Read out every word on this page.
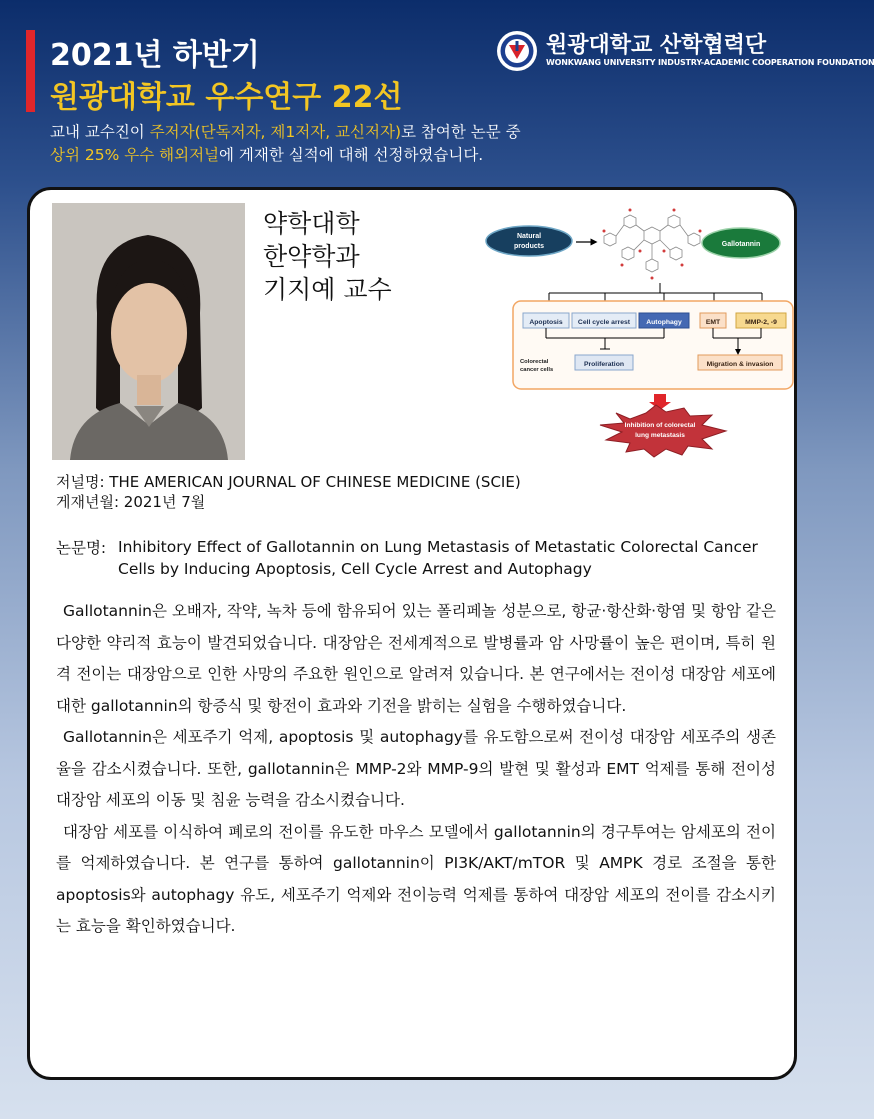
2021년 하반기
원광대학교 우수연구 22선
원광대학교 산학협력단
WONKWANG UNIVERSITY INDUSTRY-ACADEMIC COOPERATION FOUNDATION
교내 교수진이 주저자(단독저자, 제1저자, 교신저자)로 참여한 논문 중
상위 25% 우수 해외저널에 게재한 실적에 대해 선정하였습니다.
약학대학
한약학과
기지예 교수
Natural
products	Gallotannin
Apoptosis Cell cycle arrest Autophagy	EMT	MMP-2, -9
Colorectal
cancer cells
Proliferation	Migration & invasion
Inhibition of colorectal
lung metastasis
저널명: THE AMERICAN JOURNAL OF CHINESE MEDICINE (SCIE)
게재년월: 2021년 7월
논문명: Inhibitory Effect of Gallotannin on Lung Metastasis of Metastatic Colorectal Cancer Cells by Inducing Apoptosis, Cell Cycle Arrest and Autophagy

Gallotannin은 오배자, 작약, 녹차 등에 함유되어 있는 폴리페놀 성분으로, 항균·항산화·항염 및 항암 같은 다양한 약리적 효능이 발견되었습니다. 대장암은 전세계적으로 발병률과 암 사망률이 높은 편이며, 특히 원격 전이는 대장암으로 인한 사망의 주요한 원인으로 알려져 있습니다. 본 연구에서는 전이성 대장암 세포에 대한 gallotannin의 항증식 및 항전이 효과와 기전을 밝히는 실험을 수행하였습니다.

Gallotannin은 세포주기 억제, apoptosis 및 autophagy를 유도함으로써 전이성 대장암 세포주의 생존율을 감소시켰습니다. 또한, gallotannin은 MMP-2와 MMP-9의 발현 및 활성과 EMT 억제를 통해 전이성 대장암 세포의 이동 및 침윤 능력을 감소시켰습니다.

대장암 세포를 이식하여 폐로의 전이를 유도한 마우스 모델에서 gallotannin의 경구투여는 암세포의 전이를 억제하였습니다. 본 연구를 통하여 gallotannin이 PI3K/AKT/mTOR 및 AMPK 경로 조절을 통한 apoptosis와 autophagy 유도, 세포주기 억제와 전이능력 억제를 통하여 대장암 세포의 전이를 감소시키는 효능을 확인하였습니다.
